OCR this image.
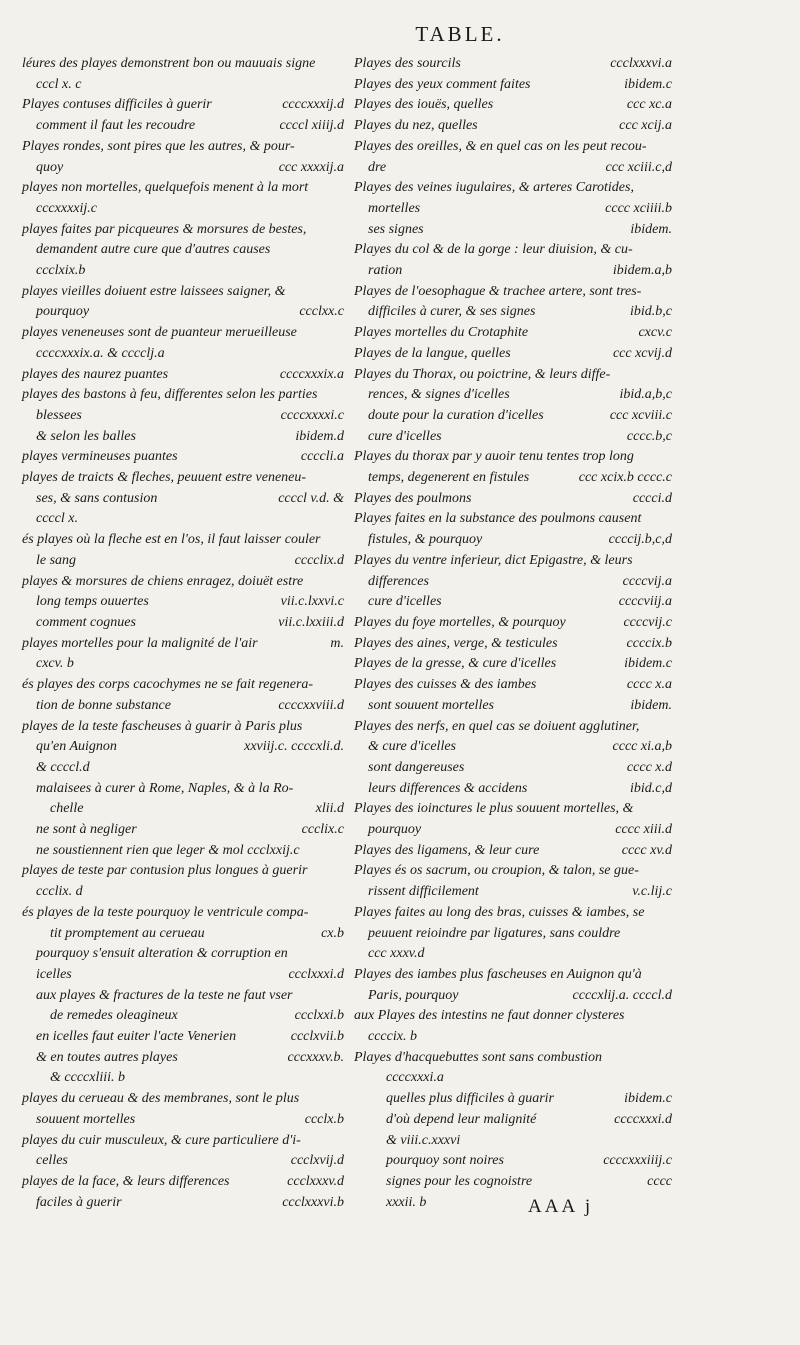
TABLE.
léures des playes demonstrent bon ou mauuais signe
cccl x. c
Playes contuses difficiles à guerir	ccccxxxij.d
comment il faut les recoudre	ccccl xiiij.d
Playes rondes, sont pires que les autres, & pour-
quoy	ccc xxxxij.a
playes non mortelles, quelquefois menent à la mort
cccxxxxij.c
playes faites par picqueures & morsures de bestes,
demandent autre cure que d'autres causes
ccclxix.b
playes vieilles doiuent estre laissees saigner, &
pourquoy	ccclxx.c
playes veneneuses sont de puanteur merueilleuse
ccccxxxix.a. & cccclj.a
playes des naurez puantes	ccccxxxix.a
playes des bastons à feu, differentes selon les parties
blessees	ccccxxxxi.c
& selon les balles	ibidem.d
playes vermineuses puantes	ccccli.a
playes de traicts & fleches, peuuent estre veneneu-
ses, & sans contusion	ccccl v.d. &
ccccl x.
és playes où la fleche est en l'os, il faut laisser couler
le sang	cccclix.d
playes & morsures de chiens enragez, doiuët estre
long temps ouuertes	vii.c.lxxvi.c
comment cognues	vii.c.lxxiii.d
playes mortelles pour la malignité de l'air	m.
cxcv. b
és playes des corps cacochymes ne se fait regenera-
tion de bonne substance	ccccxxviii.d
playes de la teste fascheuses à guarir à Paris plus
qu'en Auignon	xxviij.c. ccccxli.d.
& ccccl.d
malaisees à curer à Rome, Naples, & à la Ro-
chelle	xlii.d
ne sont à negliger	ccclix.c
ne soustiennent rien que leger & mol ccclxxij.c
playes de teste par contusion plus longues à guerir
ccclix. d
és playes de la teste pourquoy le ventricule compa-
tit promptement au cerueau	cx.b
pourquoy s'ensuit alteration & corruption en
icelles	ccclxxxi.d
aux playes & fractures de la teste ne faut vser
de remedes oleagineux	ccclxxi.b
en icelles faut euiter l'acte Venerien	ccclxvii.b
& en toutes autres playes	cccxxxv.b.
& ccccxliii. b
playes du cerueau & des membranes, sont le plus
souuent mortelles	ccclx.b
playes du cuir musculeux, & cure particuliere d'i-
celles	ccclxvij.d
playes de la face, & leurs differences	ccclxxxv.d
faciles à guerir	ccclxxxvi.b
Playes des sourcils	ccclxxxvi.a
Playes des yeux comment faites	ibidem.c
Playes des iouës, quelles	ccc xc.a
Playes du nez, quelles	ccc xcij.a
Playes des oreilles, & en quel cas on les peut recou-
dre	ccc xciii.c,d
Playes des veines iugulaires, & arteres Carotides,
mortelles	cccc xciiii.b
ses signes	ibidem.
Playes du col & de la gorge : leur diuision, & cu-
ration	ibidem.a,b
Playes de l'oesophague & trachee artere, sont tres-
difficiles à curer, & ses signes	ibid.b,c
Playes mortelles du Crotaphite	cxcv.c
Playes de la langue, quelles	ccc xcvij.d
Playes du Thorax, ou poictrine, & leurs diffe-
rences, & signes d'icelles	ibid.a,b,c
doute pour la curation d'icelles	ccc xcviii.c
cure d'icelles	cccc.b,c
Playes du thorax par y auoir tenu tentes trop long
temps, degenerent en fistules	ccc xcix.b cccc.c
Playes des poulmons	cccci.d
Playes faites en la substance des poulmons causent
fistules, & pourquoy	ccccij.b,c,d
Playes du ventre inferieur, dict Epigastre, & leurs
differences	ccccvij.a
cure d'icelles	ccccviij.a
Playes du foye mortelles, & pourquoy	ccccvij.c
Playes des aines, verge, & testicules	ccccix.b
Playes de la gresse, & cure d'icelles	ibidem.c
Playes des cuisses & des iambes	cccc x.a
sont souuent mortelles	ibidem.
Playes des nerfs, en quel cas se doiuent agglutiner,
& cure d'icelles	cccc xi.a,b
sont dangereuses	cccc x.d
leurs differences & accidens	ibid.c,d
Playes des ioinctures le plus souuent mortelles, &
pourquoy	cccc xiii.d
Playes des ligamens, & leur cure	cccc xv.d
Playes és os sacrum, ou croupion, & talon, se gue-
rissent difficilement	v.c.lij.c
Playes faites au long des bras, cuisses & iambes, se
peuuent reioindre par ligatures, sans couldre
ccc xxxv.d
Playes des iambes plus fascheuses en Auignon qu'à
Paris, pourquoy	ccccxlij.a. ccccl.d
aux Playes des intestins ne faut donner clysteres
ccccix. b
Playes d'hacquebuttes sont sans combustion
ccccxxxi.a
quelles plus difficiles à guarir	ibidem.c
d'où depend leur malignité	ccccxxxi.d
& viii.c.xxxvi
pourquoy sont noires	ccccxxxiiij.c
signes pour les cognoistre	cccc
xxxii. b	AAA j
